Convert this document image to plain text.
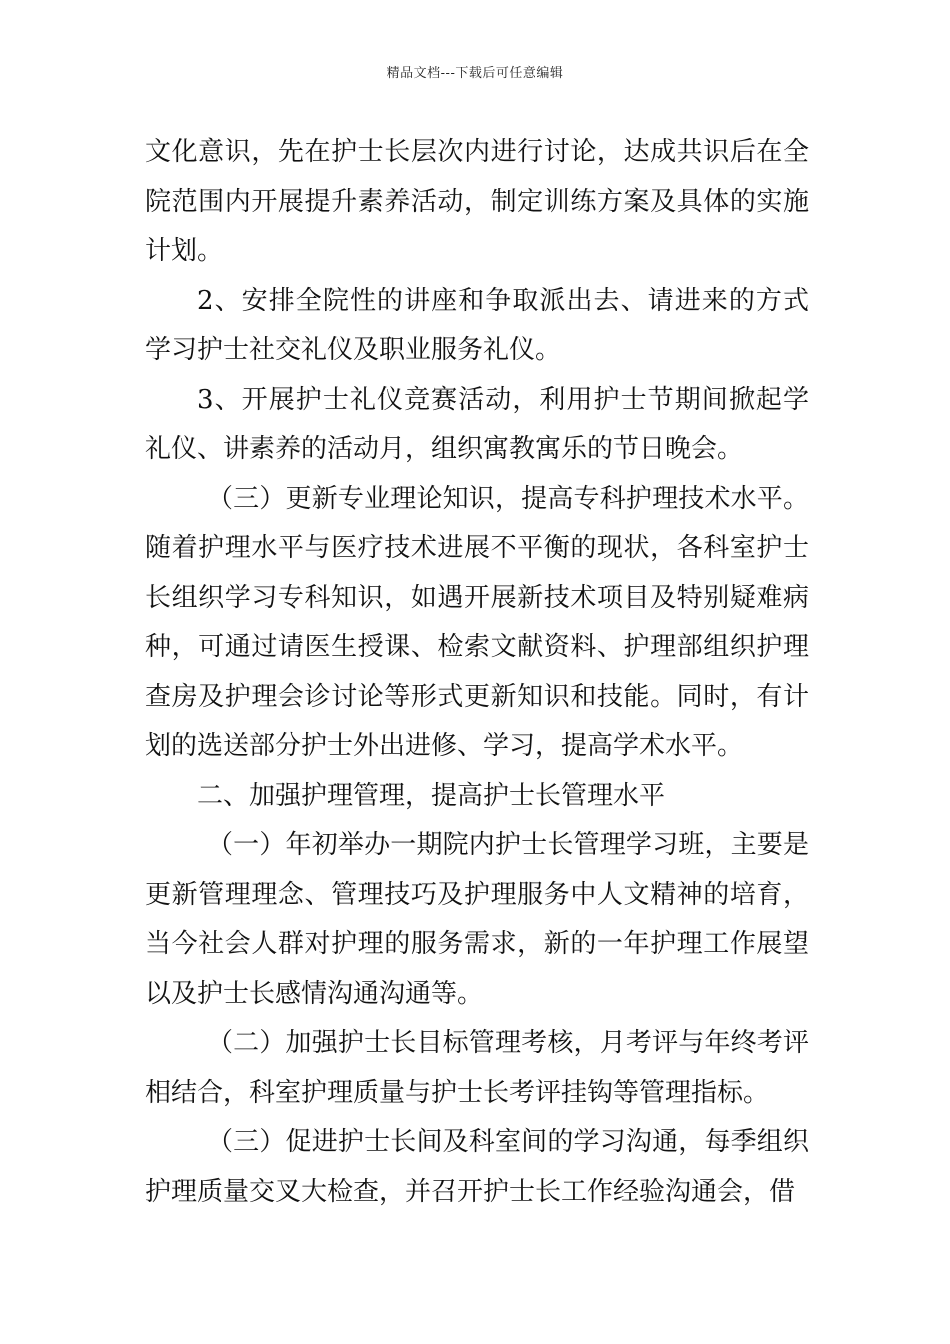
精品文档---下载后可任意编辑

文化意识，先在护士长层次内进行讨论，达成共识后在全院范围内开展提升素养活动，制定训练方案及具体的实施计划。

2、安排全院性的讲座和争取派出去、请进来的方式学习护士社交礼仪及职业服务礼仪。

3、开展护士礼仪竞赛活动，利用护士节期间掀起学礼仪、讲素养的活动月，组织寓教寓乐的节日晚会。

（三）更新专业理论知识，提高专科护理技术水平。随着护理水平与医疗技术进展不平衡的现状，各科室护士长组织学习专科知识，如遇开展新技术项目及特别疑难病种，可通过请医生授课、检索文献资料、护理部组织护理查房及护理会诊讨论等形式更新知识和技能。同时，有计划的选送部分护士外出进修、学习，提高学术水平。

二、加强护理管理，提高护士长管理水平

（一）年初举办一期院内护士长管理学习班，主要是更新管理理念、管理技巧及护理服务中人文精神的培育，当今社会人群对护理的服务需求，新的一年护理工作展望以及护士长感情沟通沟通等。

（二）加强护士长目标管理考核，月考评与年终考评相结合，科室护理质量与护士长考评挂钩等管理指标。

（三）促进护士长间及科室间的学习沟通，每季组织护理质量交叉大检查，并召开护士长工作经验沟通会，借
